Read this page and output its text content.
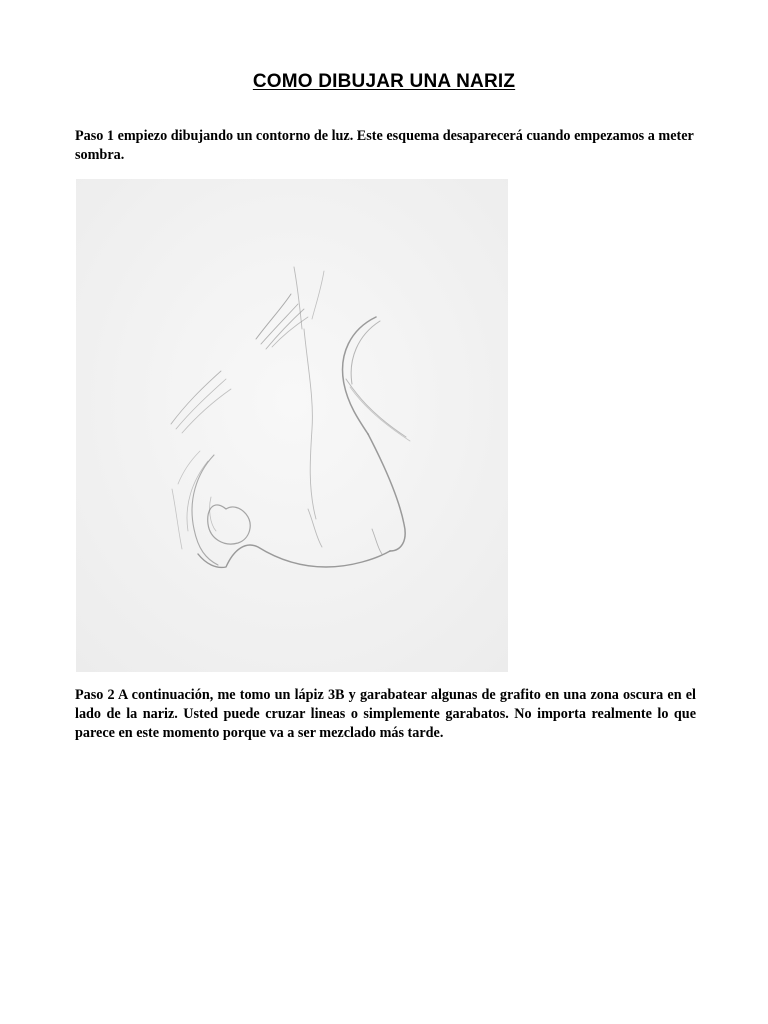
COMO DIBUJAR UNA NARIZ
Paso 1 empiezo dibujando un contorno de luz. Este esquema desaparecerá cuando empezamos a meter sombra.
Paso 2 A continuación, me tomo un lápiz 3B y garabatear algunas de grafito en una zona oscura en el lado de la nariz. Usted puede cruzar lineas o simplemente garabatos. No importa realmente lo que parece en este momento porque va a ser mezclado más tarde.
